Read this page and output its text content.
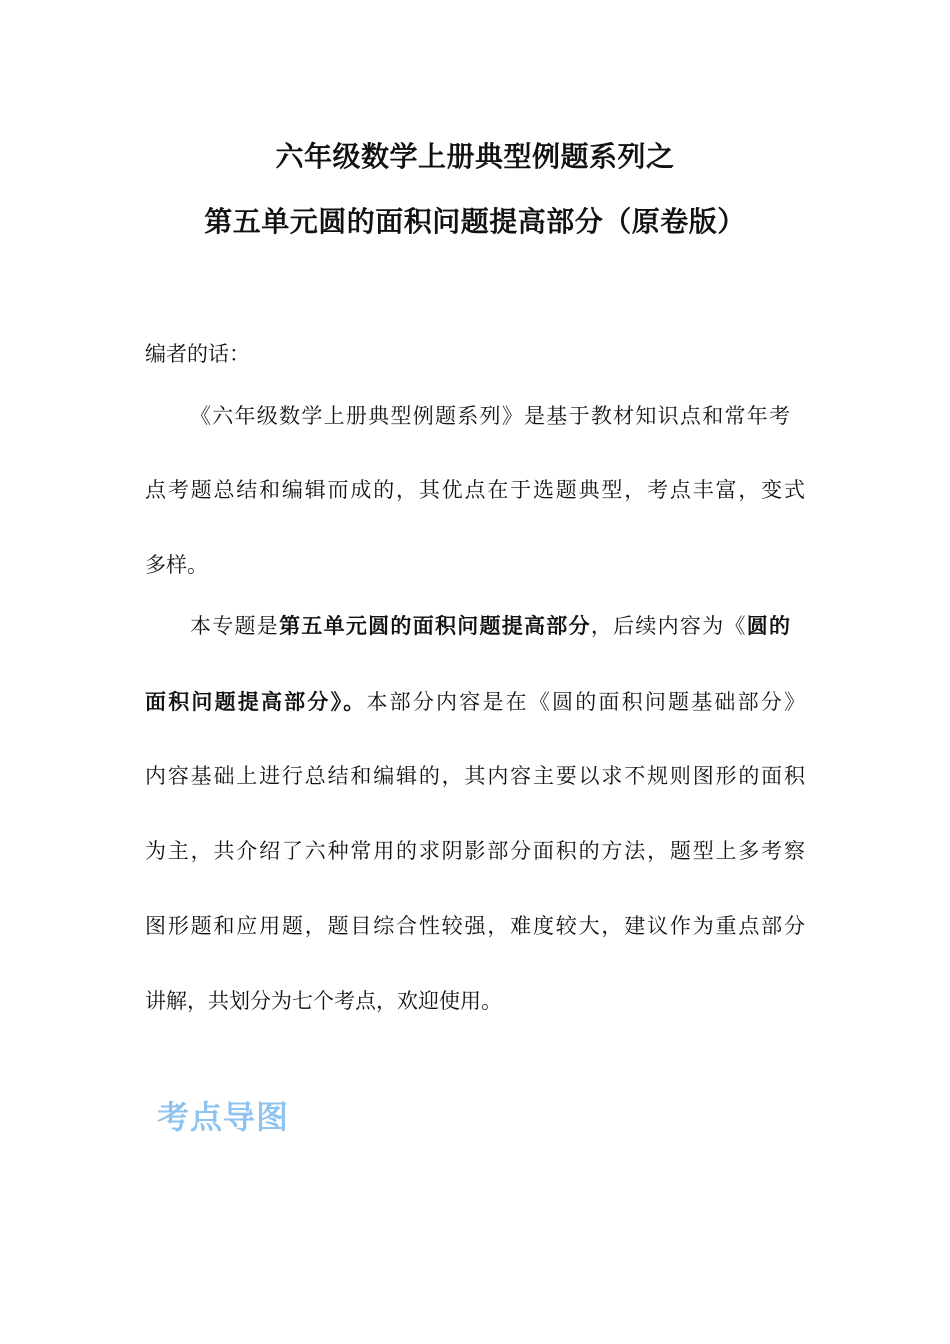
六年级数学上册典型例题系列之
第五单元圆的面积问题提高部分（原卷版）
编者的话：
《六年级数学上册典型例题系列》是基于教材知识点和常年考
点考题总结和编辑而成的，其优点在于选题典型，考点丰富，变式
多样。
本专题是第五单元圆的面积问题提高部分，后续内容为《圆的
面积问题提高部分》。本部分内容是在《圆的面积问题基础部分》
内容基础上进行总结和编辑的，其内容主要以求不规则图形的面积
为主，共介绍了六种常用的求阴影部分面积的方法，题型上多考察
图形题和应用题，题目综合性较强，难度较大，建议作为重点部分
讲解，共划分为七个考点，欢迎使用。
考点导图
